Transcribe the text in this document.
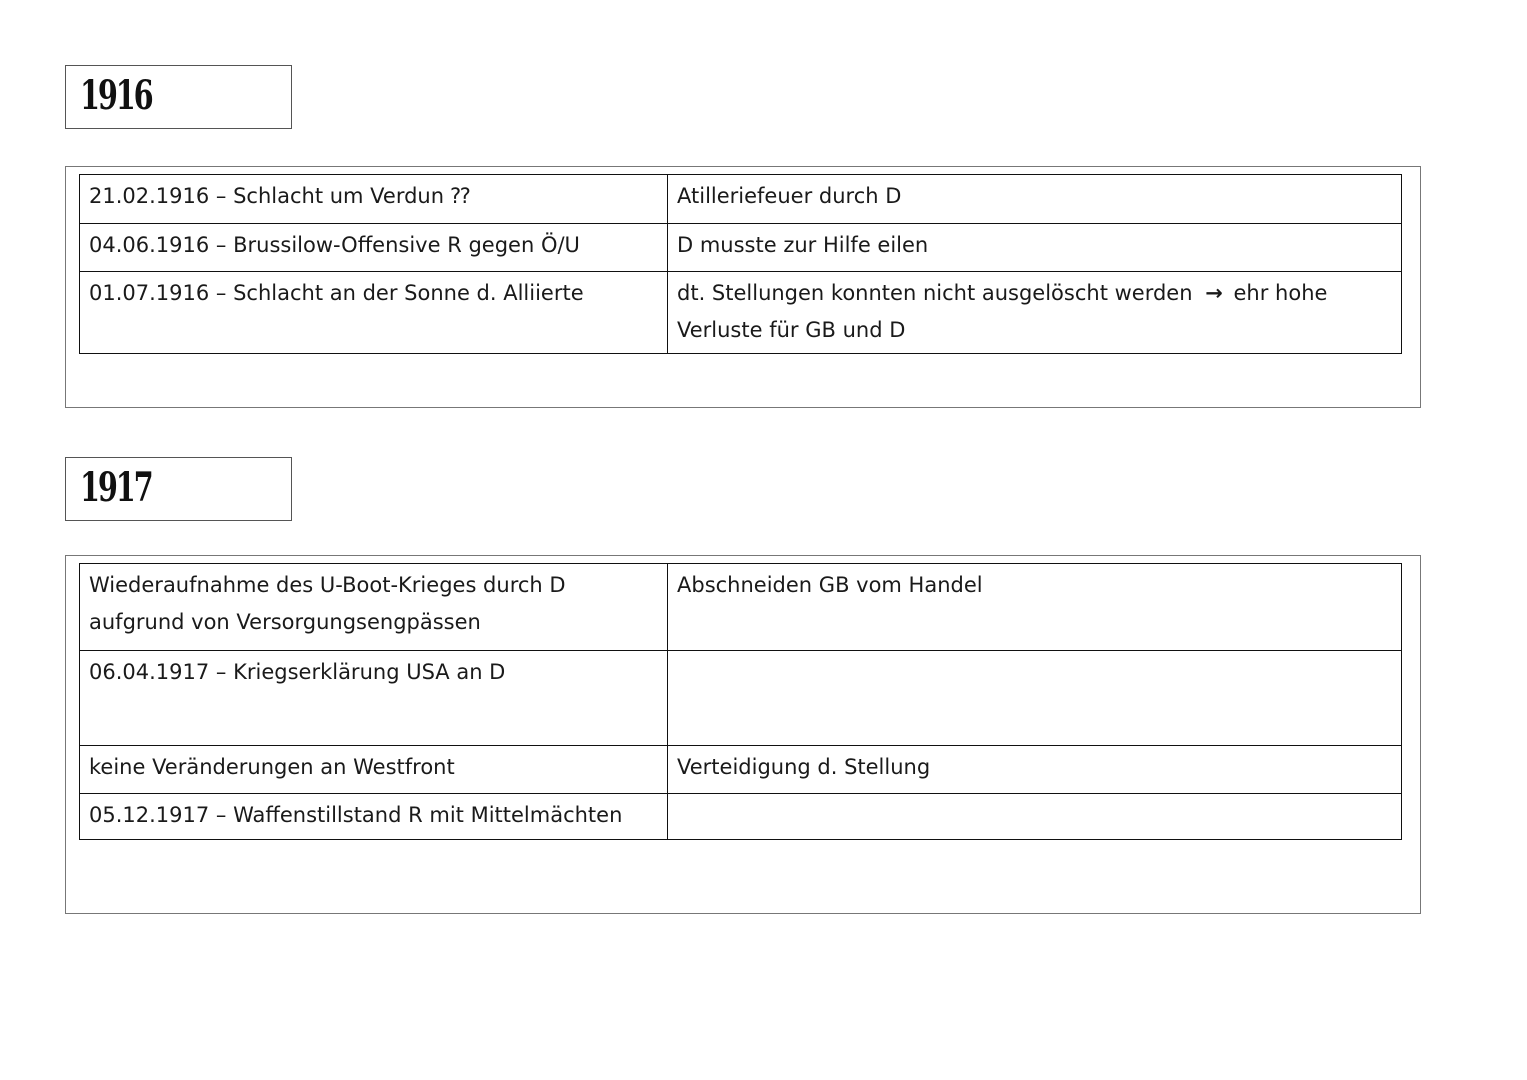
1916
21.02.1916 – Schlacht um Verdun ⁇	Atilleriefeuer durch D
04.06.1916 – Brussilow-Offensive R gegen Ö/U	D musste zur Hilfe eilen
01.07.1916 – Schlacht an der Sonne d. Alliierte	dt. Stellungen konnten nicht ausgelöscht werden → ehr hohe Verluste für GB und D
1917
Wiederaufnahme des U-Boot-Krieges durch D aufgrund von Versorgungsengpässen	Abschneiden GB vom Handel
06.04.1917 – Kriegserklärung USA an D	
keine Veränderungen an Westfront	Verteidigung d. Stellung
05.12.1917 – Waffenstillstand R mit Mittelmächten	
